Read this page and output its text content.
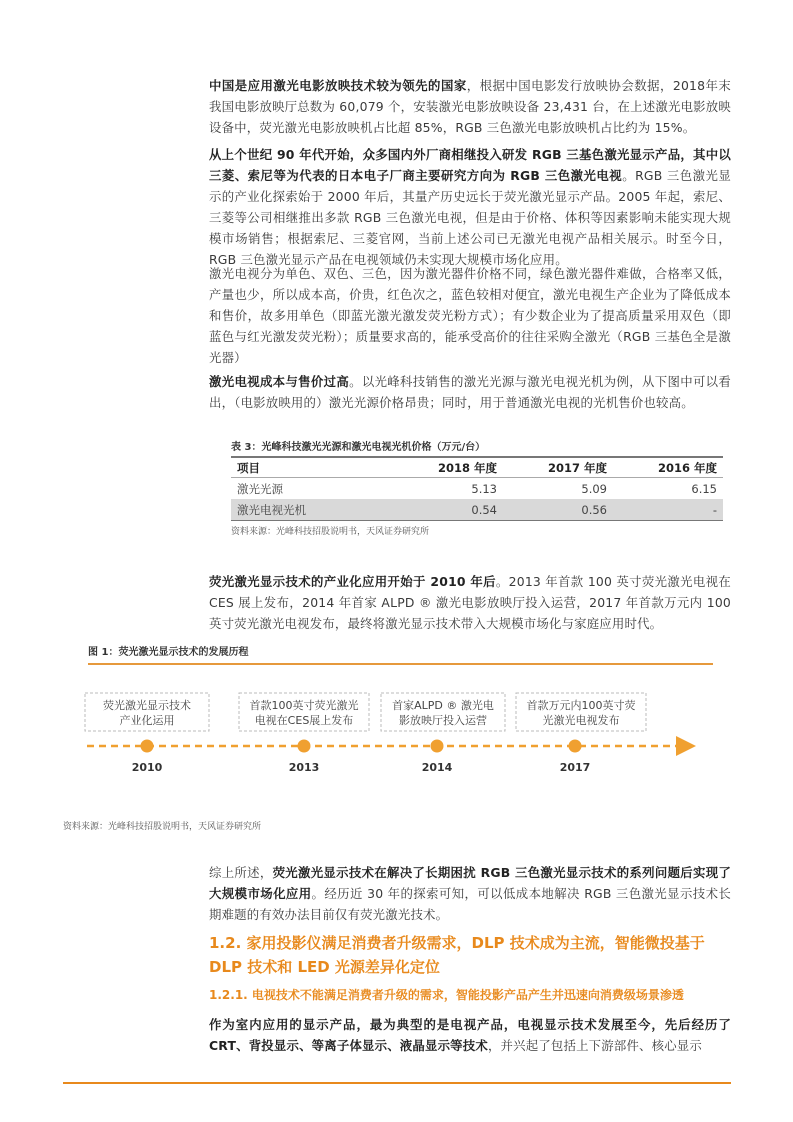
中国是应用激光电影放映技术较为领先的国家，根据中国电影发行放映协会数据，2018年末我国电影放映厅总数为 60,079 个，安装激光电影放映设备 23,431 台，在上述激光电影放映设备中，荧光激光电影放映机占比超 85%，RGB 三色激光电影放映机占比约为 15%。
从上个世纪 90 年代开始，众多国内外厂商相继投入研发 RGB 三基色激光显示产品，其中以三菱、索尼等为代表的日本电子厂商主要研究方向为 RGB 三色激光电视。RGB 三色激光显示的产业化探索始于 2000 年后，其量产历史远长于荧光激光显示产品。2005 年起，索尼、三菱等公司相继推出多款 RGB 三色激光电视，但是由于价格、体积等因素影响未能实现大规模市场销售；根据索尼、三菱官网，当前上述公司已无激光电视产品相关展示。时至今日，RGB 三色激光显示产品在电视领域仍未实现大规模市场化应用。
激光电视分为单色、双色、三色，因为激光器件价格不同，绿色激光器件难做，合格率又低，产量也少，所以成本高，价贵，红色次之，蓝色较相对便宜，激光电视生产企业为了降低成本和售价，故多用单色（即蓝光激光激发荧光粉方式）；有少数企业为了提高质量采用双色（即蓝色与红光激发荧光粉）；质量要求高的，能承受高价的往往采购全激光（RGB 三基色全是激光器）
激光电视成本与售价过高。以光峰科技销售的激光光源与激光电视光机为例，从下图中可以看出，（电影放映用的）激光光源价格昂贵；同时，用于普通激光电视的光机售价也较高。
表 3：光峰科技激光光源和激光电视光机价格（万元/台）
项目	2018 年度	2017 年度	2016 年度
激光光源	5.13	5.09	6.15
激光电视光机	0.54	0.56	-
资料来源：光峰科技招股说明书，天风证券研究所
荧光激光显示技术的产业化应用开始于 2010 年后。2013 年首款 100 英寸荧光激光电视在 CES 展上发布，2014 年首家 ALPD ® 激光电影放映厅投入运营，2017 年首款万元内 100 英寸荧光激光电视发布，最终将激光显示技术带入大规模市场化与家庭应用时代。
图 1：荧光激光显示技术的发展历程
荧光激光显示技术
产业化运用
2010
首款100英寸荧光激光
电视在CES展上发布
2013
首家ALPD ® 激光电
影放映厅投入运营
2014
首款万元内100英寸荧
光激光电视发布
2017
资料来源：光峰科技招股说明书，天风证券研究所
综上所述，荧光激光显示技术在解决了长期困扰 RGB 三色激光显示技术的系列问题后实现了大规模市场化应用。经历近 30 年的探索可知，可以低成本地解决 RGB 三色激光显示技术长期难题的有效办法目前仅有荧光激光技术。
1.2. 家用投影仪满足消费者升级需求，DLP 技术成为主流，智能微投基于 DLP 技术和 LED 光源差异化定位
1.2.1. 电视技术不能满足消费者升级的需求，智能投影产品产生并迅速向消费级场景渗透
作为室内应用的显示产品，最为典型的是电视产品，电视显示技术发展至今，先后经历了CRT、背投显示、等离子体显示、液晶显示等技术，并兴起了包括上下游部件、核心显示
